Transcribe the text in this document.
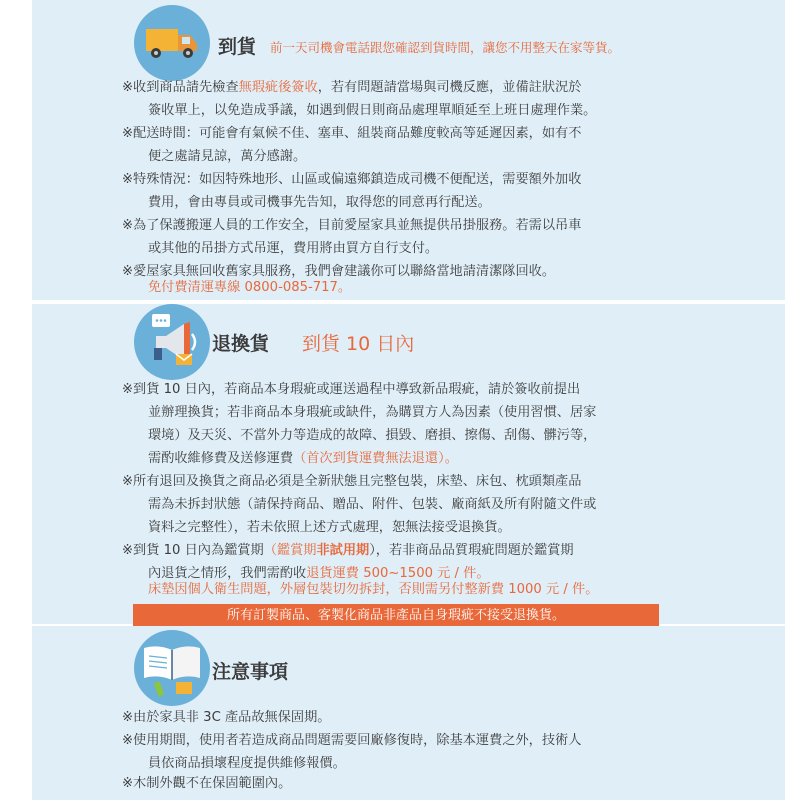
到貨 前一天司機會電話跟您確認到貨時間，讓您不用整天在家等貨。
※收到商品請先檢查無瑕疵後簽收，若有問題請當場與司機反應，並備註狀況於
簽收單上，以免造成爭議，如遇到假日則商品處理單順延至上班日處理作業。
※配送時間：可能會有氣候不佳、塞車、組裝商品難度較高等延遲因素，如有不
便之處請見諒，萬分感謝。
※特殊情況：如因特殊地形、山區或偏遠鄉鎮造成司機不便配送，需要額外加收
費用，會由專員或司機事先告知，取得您的同意再行配送。
※為了保護搬運人員的工作安全，目前愛屋家具並無提供吊掛服務。若需以吊車
或其他的吊掛方式吊運，費用將由買方自行支付。
※愛屋家具無回收舊家具服務，我們會建議你可以聯絡當地請清潔隊回收。
免付費清運專線 0800-085-717。
退換貨 到貨 10 日內
※到貨 10 日內，若商品本身瑕疵或運送過程中導致新品瑕疵，請於簽收前提出
並辦理換貨；若非商品本身瑕疵或缺件，為購買方人為因素（使用習慣、居家
環境）及天災、不當外力等造成的故障、損毀、磨損、擦傷、刮傷、髒污等，
需酌收維修費及送修運費（首次到貨運費無法退還）。
※所有退回及換貨之商品必須是全新狀態且完整包裝，床墊、床包、枕頭類產品
需為未拆封狀態（請保持商品、贈品、附件、包裝、廠商紙及所有附隨文件或
資料之完整性），若未依照上述方式處理，恕無法接受退換貨。
※到貨 10 日內為鑑賞期（鑑賞期非試用期），若非商品品質瑕疵問題於鑑賞期
內退貨之情形，我們需酌收退貨運費 500~1500 元 / 件。
床墊因個人衛生問題，外層包裝切勿拆封，否則需另付整新費 1000 元 / 件。
所有訂製商品、客製化商品非產品自身瑕疵不接受退換貨。
注意事項
※由於家具非 3C 產品故無保固期。
※使用期間，使用者若造成商品問題需要回廠修復時，除基本運費之外，技術人
員依商品損壞程度提供維修報價。
※木制外觀不在保固範圍內。
